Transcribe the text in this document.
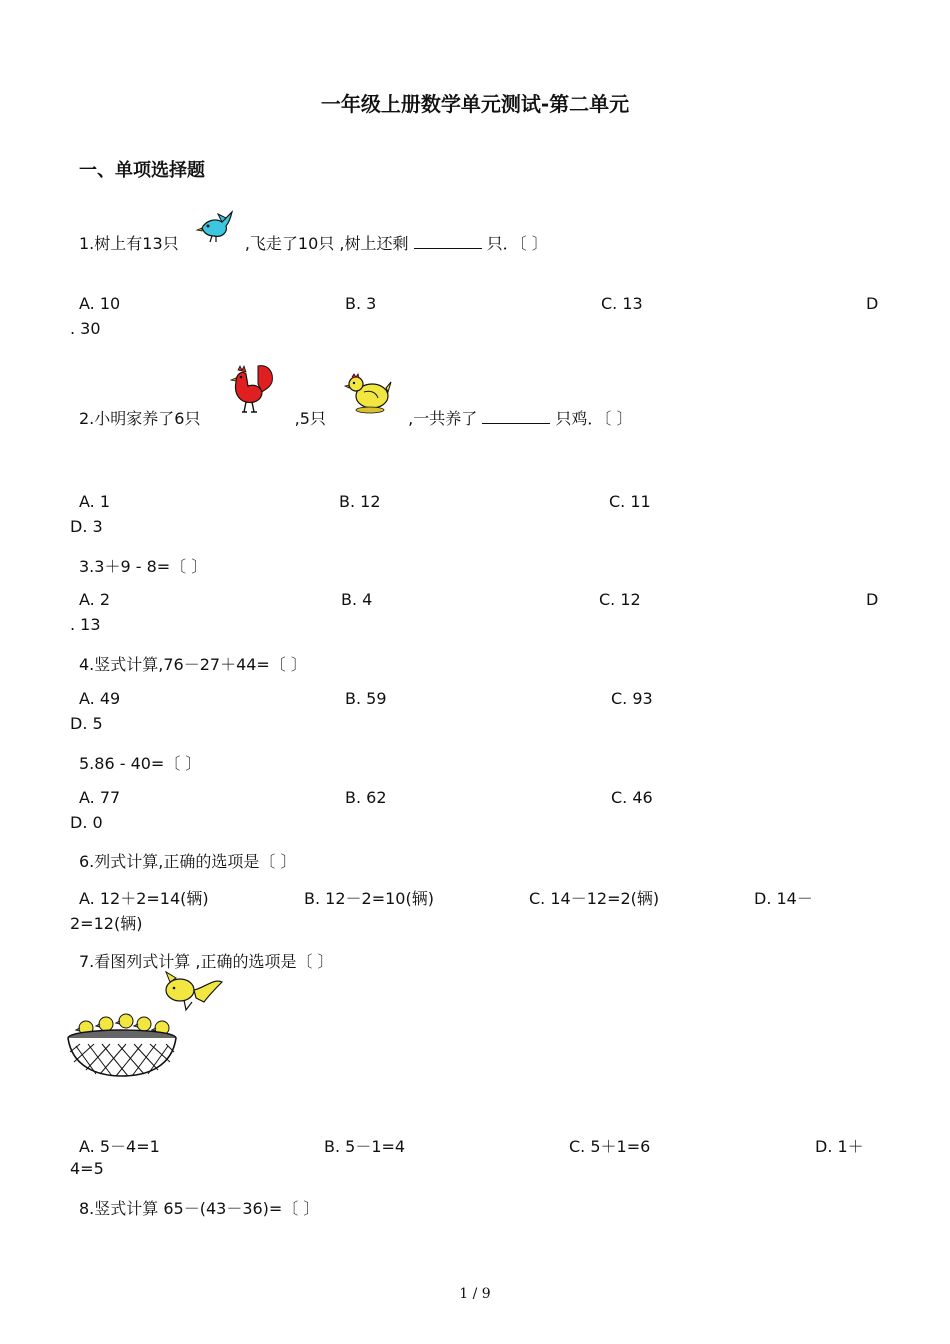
一年级上册数学单元测试-第二单元
一、单项选择题
1.树上有13只	,飞走了10只 ,树上还剩	只．〔 〕
A. 10	B. 3	C. 13	D
. 30
2.小明家养了6只	,5只	,一共养了	只鸡．〔 〕
A. 1	B. 12	C. 11
D. 3
3.3＋9 - 8=〔 〕
A. 2	B. 4	C. 12	D
. 13
4.竖式计算,76－27＋44=〔 〕
A. 49	B. 59	C. 93
D. 5
5.86 - 40=〔 〕
A. 77	B. 62	C. 46
D. 0
6.列式计算,正确的选项是〔 〕
A. 12＋2=14(辆)	B. 12－2=10(辆)	C. 14－12=2(辆)	D. 14－
2=12(辆)
7.看图列式计算 ,正确的选项是〔 〕
A. 5－4=1	B. 5－1=4	C. 5＋1=6	D. 1＋
4=5
8.竖式计算 65－(43－36)=〔 〕
1 / 9
